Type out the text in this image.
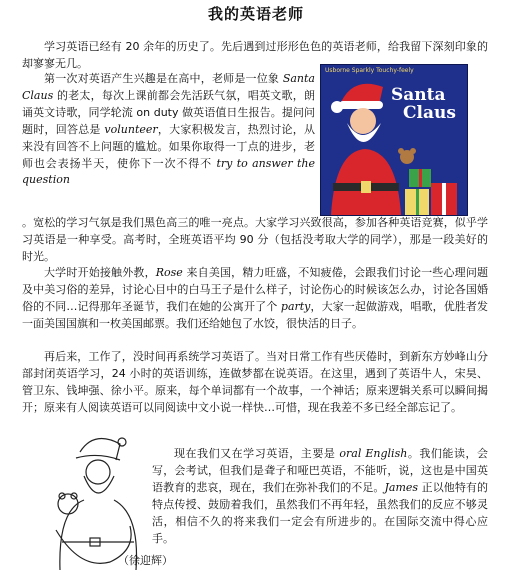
我的英语老师

学习英语已经有 20 余年的历史了。先后遇到过形形色色的英语老师，给我留下深刻印象的却寥寥无几。

Usborne Sparkly Touchy-feely
Santa
Claus

第一次对英语产生兴趣是在高中，老师是一位象 Santa Claus 的老太，每次上课前都会先活跃气氛，唱英文歌，朗诵英文诗歌，同学轮流 on duty 做英语值日生报告。提问问题时，回答总是 volunteer，大家积极发言，热烈讨论，从来没有回答不上问题的尴尬。如果你取得一丁点的进步，老师也会表扬半天，使你下一次不得不 try to answer the question

。宽松的学习气氛是我们黑色高三的唯一亮点。大家学习兴致很高，参加各种英语竞赛，似乎学习英语是一种享受。高考时，全班英语平均 90 分（包括没考取大学的同学），那是一段美好的时光。

大学时开始接触外教，Rose 来自美国，精力旺盛，不知疲倦，会跟我们讨论一些心理问题及中美习俗的差异，讨论心目中的白马王子是什么样子，讨论伤心的时候该怎么办，讨论各国婚俗的不同…记得那年圣诞节，我们在她的公寓开了个 party，大家一起做游戏，唱歌，优胜者发一面美国国旗和一枚美国邮票。我们还给她包了水饺，很快活的日子。

再后来，工作了，没时间再系统学习英语了。当对日常工作有些厌倦时，到新东方妙峰山分部封闭英语学习，24 小时的英语训练，连做梦都在说英语。在这里，遇到了英语牛人，宋昊、管卫东、钱坤强、徐小平。原来，每个单词都有一个故事，一个神话；原来逻辑关系可以瞬间揭开；原来有人阅读英语可以同阅读中文小说一样快…可惜，现在我差不多已经全部忘记了。

现在我们又在学习英语，主要是 oral English。我们能读，会写，会考试，但我们是聋子和哑巴英语，不能听，说，这也是中国英语教育的悲哀，现在，我们在弥补我们的不足。James 正以他特有的特点传授、鼓励着我们，虽然我们不再年轻，虽然我们的反应不够灵活，相信不久的将来我们一定会有所进步的。在国际交流中得心应手。

（徐迎辉）
